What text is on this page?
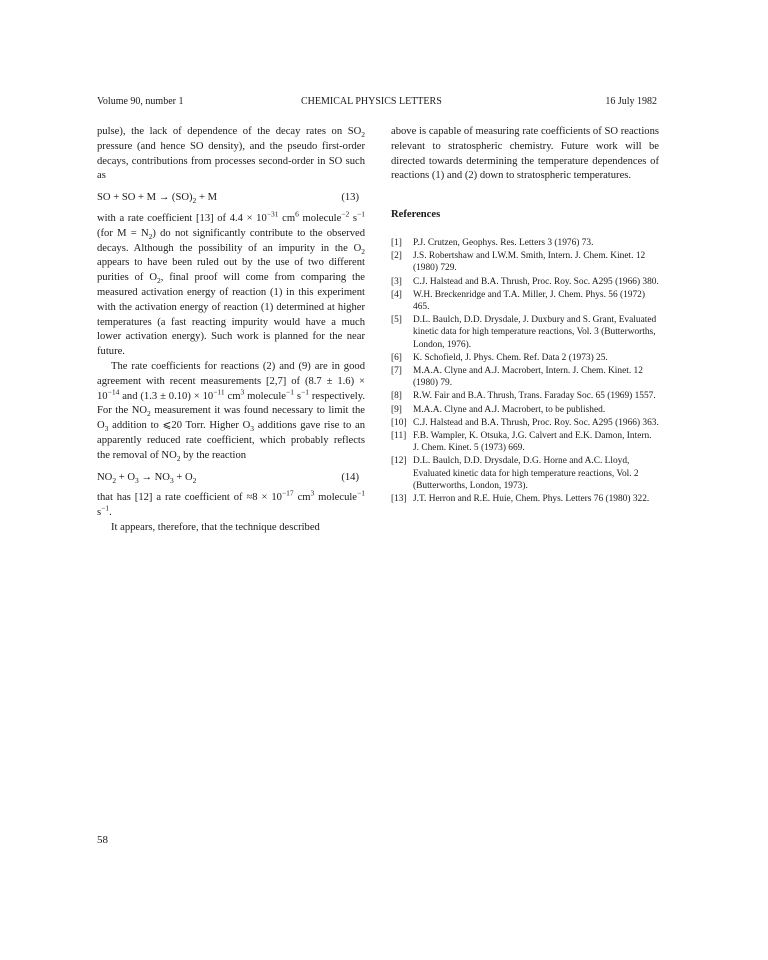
Volume 90, number 1	CHEMICAL PHYSICS LETTERS	16 July 1982

pulse), the lack of dependence of the decay rates on $SO_2$ pressure (and hence SO density), and the pseudo first-order decays, contributions from processes second-order in SO such as

SO + SO + $M \to (SO)_2 + M$	(13)

with a rate coefficient [13] of $4.4 \times 10^{-31}$ $cm^6$ molecule$^{-2}$ $s^{-1}$ (for $M = N_2$) do not significantly contribute to the observed decays. Although the possibility of an impurity in the $O_2$ appears to have been ruled out by the use of two different purities of $O_2$, final proof will come from comparing the measured activation energy of reaction (1) in this experiment with the activation energy of reaction (1) determined at higher temperatures (a fast reacting impurity would have a much lower activation energy). Such work is planned for the near future.

The rate coefficients for reactions (2) and (9) are in good agreement with recent measurements [2,7] of $(8.7 \pm 1.6) \times 10^{-14}$ and $(1.3 \pm 0.10) \times 10^{-11}$ $cm^3$ molecule$^{-1}$ $s^{-1}$ respectively. For the $NO_2$ measurement it was found necessary to limit the $O_3$ addition to ⩽20 Torr. Higher $O_3$ additions gave rise to an apparently reduced rate coefficient, which probably reflects the removal of $NO_2$ by the reaction

$NO_2 + O_3 \to NO_3 + O_2$	(14)

that has [12] a rate coefficient of $\approx 8 \times 10^{-17}$ $cm^3$ molecule$^{-1}$ $s^{-1}$.

It appears, therefore, that the technique described

above is capable of measuring rate coefficients of SO reactions relevant to stratospheric chemistry. Future work will be directed towards determining the temperature dependences of reactions (1) and (2) down to stratospheric temperatures.

References
[1] P.J. Crutzen, Geophys. Res. Letters 3 (1976) 73.
[2] J.S. Robertshaw and I.W.M. Smith, Intern. J. Chem. Kinet. 12 (1980) 729.
[3] C.J. Halstead and B.A. Thrush, Proc. Roy. Soc. A295 (1966) 380.
[4] W.H. Breckenridge and T.A. Miller, J. Chem. Phys. 56 (1972) 465.
[5] D.L. Baulch, D.D. Drysdale, J. Duxbury and S. Grant, Evaluated kinetic data for high temperature reactions, Vol. 3 (Butterworths, London, 1976).
[6] K. Schofield, J. Phys. Chem. Ref. Data 2 (1973) 25.
[7] M.A.A. Clyne and A.J. Macrobert, Intern. J. Chem. Kinet. 12 (1980) 79.
[8] R.W. Fair and B.A. Thrush, Trans. Faraday Soc. 65 (1969) 1557.
[9] M.A.A. Clyne and A.J. Macrobert, to be published.
[10] C.J. Halstead and B.A. Thrush, Proc. Roy. Soc. A295 (1966) 363.
[11] F.B. Wampler, K. Otsuka, J.G. Calvert and E.K. Damon, Intern. J. Chem. Kinet. 5 (1973) 669.
[12] D.L. Baulch, D.D. Drysdale, D.G. Horne and A.C. Lloyd, Evaluated kinetic data for high temperature reactions, Vol. 2 (Butterworths, London, 1973).
[13] J.T. Herron and R.E. Huie, Chem. Phys. Letters 76 (1980) 322.
58
